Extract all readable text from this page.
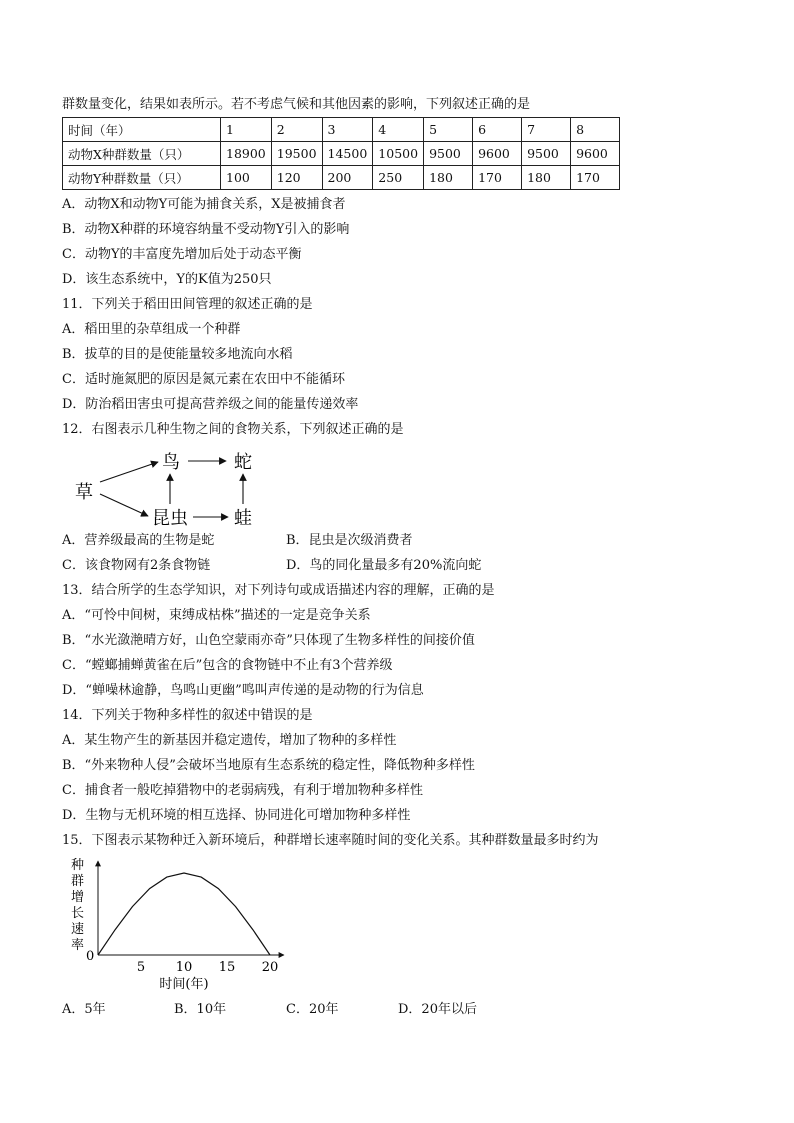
群数量变化，结果如表所示。若不考虑气候和其他因素的影响，下列叙述正确的是
时间（年）	1	2	3	4	5	6	7	8
动物X种群数量（只）	18900	19500	14500	10500	9500	9600	9500	9600
动物Y种群数量（只）	100	120	200	250	180	170	180	170
A．动物X和动物Y可能为捕食关系，X是被捕食者
B．动物X种群的环境容纳量不受动物Y引入的影响
C．动物Y的丰富度先增加后处于动态平衡
D．该生态系统中，Y的K值为250只
11．下列关于稻田田间管理的叙述正确的是
A．稻田里的杂草组成一个种群
B．拔草的目的是使能量较多地流向水稻
C．适时施氮肥的原因是氮元素在农田中不能循环
D．防治稻田害虫可提高营养级之间的能量传递效率
12．右图表示几种生物之间的食物关系，下列叙述正确的是
草
鸟	蛇
昆虫	蛙
A．营养级最高的生物是蛇	B．昆虫是次级消费者
C．该食物网有2条食物链	D．鸟的同化量最多有20%流向蛇
13．结合所学的生态学知识，对下列诗句或成语描述内容的理解，正确的是
A．“可怜中间树，束缚成枯株”描述的一定是竞争关系
B．“水光潋滟晴方好，山色空蒙雨亦奇”只体现了生物多样性的间接价值
C．“螳螂捕蝉黄雀在后”包含的食物链中不止有3个营养级
D．“蝉噪林逾静，鸟鸣山更幽”鸣叫声传递的是动物的行为信息
14．下列关于物种多样性的叙述中错误的是
A．某生物产生的新基因并稳定遗传，增加了物种的多样性
B．“外来物种人侵”会破坏当地原有生态系统的稳定性，降低物种多样性
C．捕食者一般吃掉猎物中的老弱病残，有利于增加物种多样性
D．生物与无机环境的相互选择、协同进化可增加物种多样性
15．下图表示某物种迁入新环境后，种群增长速率随时间的变化关系。其种群数量最多时约为
种
群
增
长
速
率
0
5 10 15 20
时间(年)
A．5年	B．10年	C．20年	D．20年以后
